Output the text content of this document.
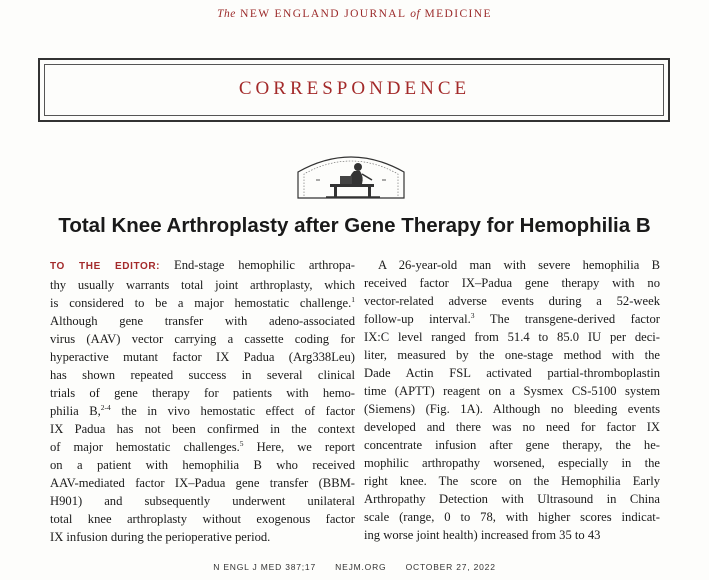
The NEW ENGLAND JOURNAL of MEDICINE
CORRESPONDENCE
Total Knee Arthroplasty after Gene Therapy for Hemophilia B
TO THE EDITOR: End-stage hemophilic arthropa-
thy usually warrants total joint arthroplasty, which
is considered to be a major hemostatic challenge.$^1$
Although gene transfer with adeno-associated
virus (AAV) vector carrying a cassette coding for
hyperactive mutant factor IX Padua (Arg338Leu)
has shown repeated success in several clinical
trials of gene therapy for patients with hemo-
philia B,$^{2-4}$ the in vivo hemostatic effect of factor
IX Padua has not been confirmed in the context
of major hemostatic challenges.$^5$ Here, we report
on a patient with hemophilia B who received
AAV-mediated factor IX–Padua gene transfer (BBM-
H901) and subsequently underwent unilateral
total knee arthroplasty without exogenous factor
IX infusion during the perioperative period.
A 26-year-old man with severe hemophilia B
received factor IX–Padua gene therapy with no
vector-related adverse events during a 52-week
follow-up interval.$^3$ The transgene-derived factor
IX:C level ranged from 51.4 to 85.0 IU per deci-
liter, measured by the one-stage method with the
Dade Actin FSL activated partial-thromboplastin
time (APTT) reagent on a Sysmex CS-5100 system
(Siemens) (Fig. 1A). Although no bleeding events
developed and there was no need for factor IX
concentrate infusion after gene therapy, the he-
mophilic arthropathy worsened, especially in the
right knee. The score on the Hemophilia Early
Arthropathy Detection with Ultrasound in China
scale (range, 0 to 78, with higher scores indicat-
ing worse joint health) increased from 35 to 43
N ENGL J MED 387;17 NEJM.ORG OCTOBER 27, 2022
